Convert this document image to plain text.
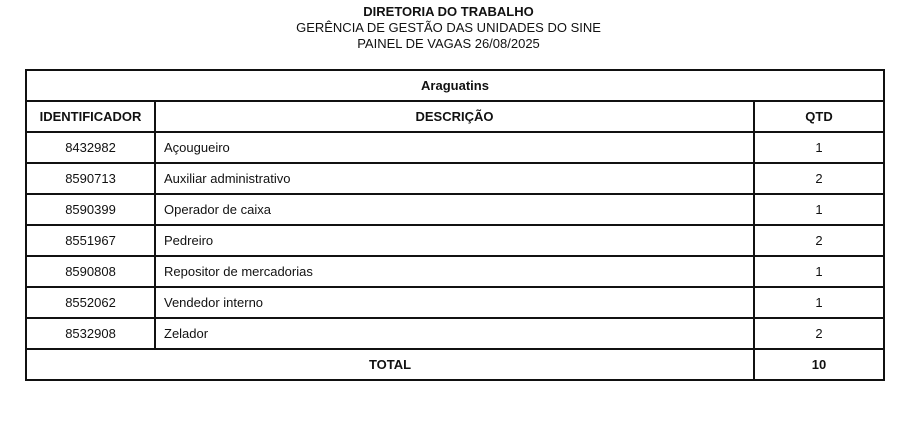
DIRETORIA DO TRABALHO
GERÊNCIA DE GESTÃO DAS UNIDADES DO SINE
PAINEL DE VAGAS 26/08/2025
Araguatins		
IDENTIFICADOR	DESCRIÇÃO	QTD
8432982	Açougueiro	1
8590713	Auxiliar administrativo	2
8590399	Operador de caixa	1
8551967	Pedreiro	2
8590808	Repositor de mercadorias	1
8552062	Vendedor interno	1
8532908	Zelador	2
TOTAL		10
